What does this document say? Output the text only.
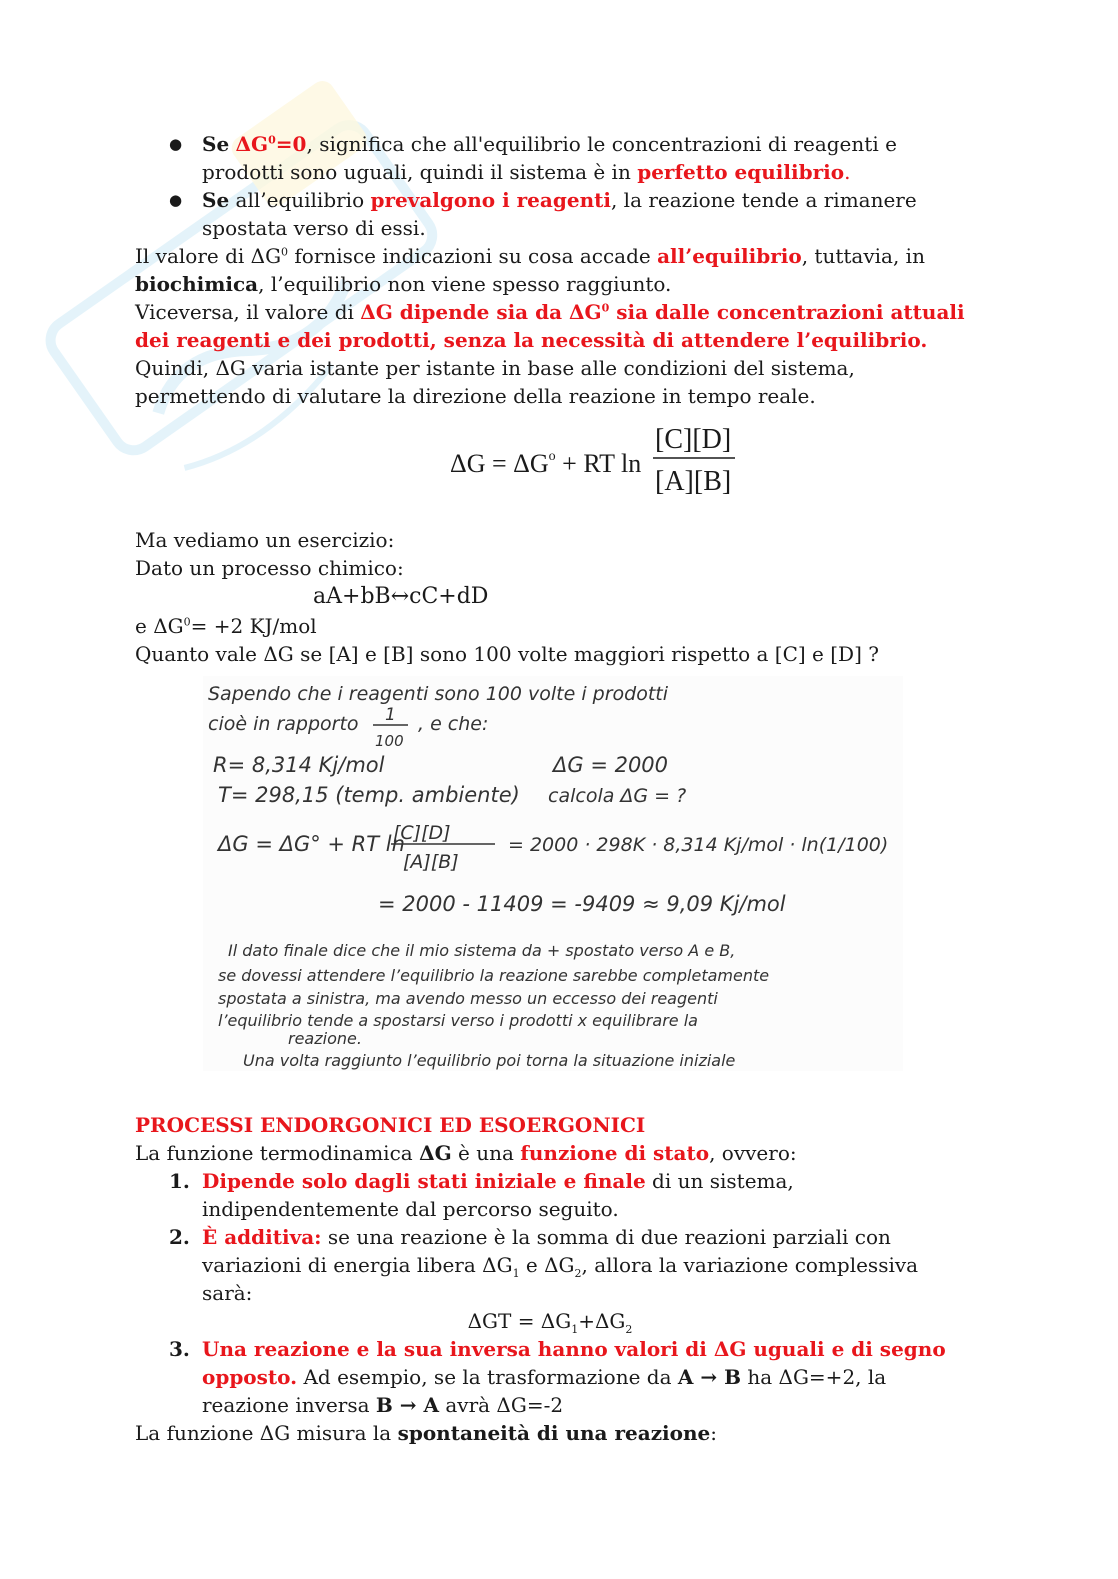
● Se $\Delta G^0=0$, significa che all'equilibrio le concentrazioni di reagenti e prodotti sono uguali, quindi il sistema è in perfetto equilibrio.
● Se all’equilibrio prevalgono i reagenti, la reazione tende a rimanere spostata verso di essi.

Il valore di $\Delta G^0$ fornisce indicazioni su cosa accade all’equilibrio, tuttavia, in biochimica, l’equilibrio non viene spesso raggiunto.

Viceversa, il valore di ΔG dipende sia da $\Delta G^0$ sia dalle concentrazioni attuali dei reagenti e dei prodotti, senza la necessità di attendere l’equilibrio.

Quindi, ΔG varia istante per istante in base alle condizioni del sistema, permettendo di valutare la direzione della reazione in tempo reale.

$\Delta G = \Delta G^o$ + RT ln
[C][D]
[A][B]

Ma vediamo un esercizio:

Dato un processo chimico:

aA+bB↔cC+dD

e $\Delta G^0= +2$ KJ/mol

Quanto vale ΔG se [A] e [B] sono 100 volte maggiori rispetto a [C] e [D] ?

Sapendo che i reagenti sono 100 volte i prodotti
cioè in rapporto 1
100
, e che:
R= 8,314 Kj/mol	ΔG = 2000
T= 298,15 (temp. ambiente) calcola ΔG = ?
ΔG = ΔG° + RT ln
[C][D]
[A][B]
= 2000 · 298K · 8,314 Kj/mol · ln(1/100)
= 2000 - 11409 = -9409 ≈ 9,09 Kj/mol
Il dato finale dice che il mio sistema da + spostato verso A e B,
se dovessi attendere l’equilibrio la reazione sarebbe completamente
spostata a sinistra, ma avendo messo un eccesso dei reagenti
l’equilibrio tende a spostarsi verso i prodotti x equilibrare la
reazione.
Una volta raggiunto l’equilibrio poi torna la situazione iniziale

PROCESSI ENDORGONICI ED ESOERGONICI

La funzione termodinamica ΔG è una funzione di stato, ovvero:

1. Dipende solo dagli stati iniziale e finale di un sistema, indipendentemente dal percorso seguito.
2. È additiva: se una reazione è la somma di due reazioni parziali con variazioni di energia libera $\Delta G_1$ e $\Delta G_2$, allora la variazione complessiva sarà:
$\Delta GT = \Delta G_1+\Delta G_2$
3. Una reazione e la sua inversa hanno valori di ΔG uguali e di segno opposto. Ad esempio, se la trasformazione da A → B ha ΔG=+2, la reazione inversa B → A avrà ΔG=-2

La funzione ΔG misura la spontaneità di una reazione:
